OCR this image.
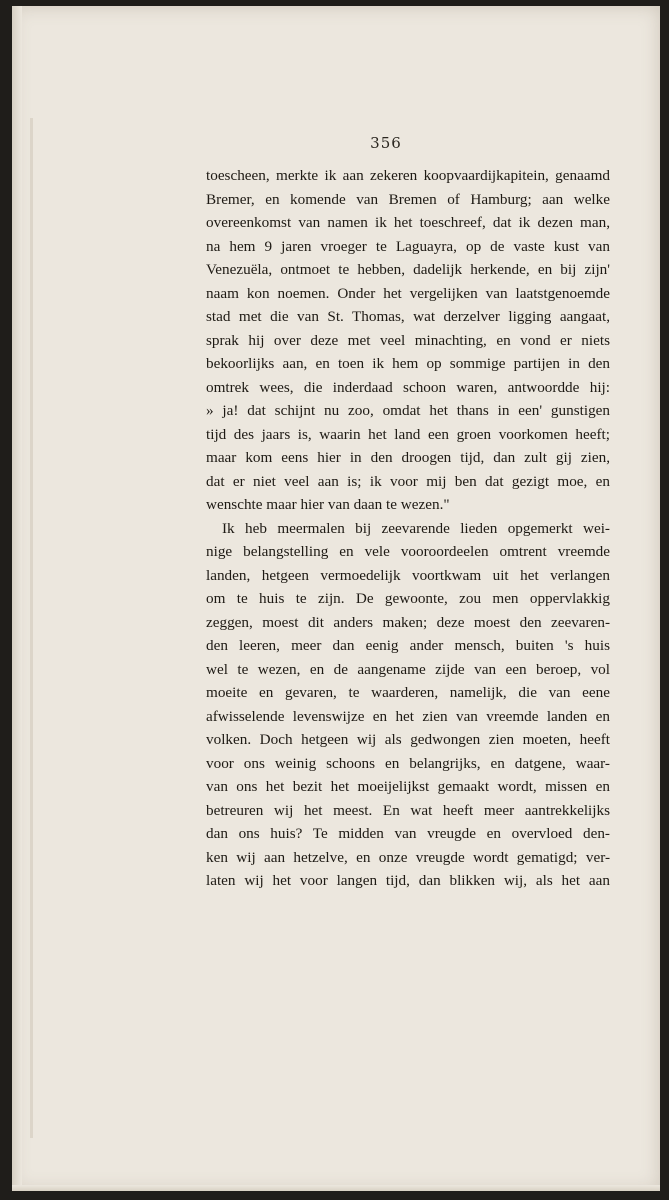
356
toescheen, merkte ik aan zekeren koopvaardijkapitein, genaamd
Bremer, en komende van Bremen of Hamburg; aan welke
overeenkomst van namen ik het toeschreef, dat ik dezen man,
na hem 9 jaren vroeger te Laguayra, op de vaste kust van
Venezuëla, ontmoet te hebben, dadelijk herkende, en bij zijn'
naam kon noemen. Onder het vergelijken van laatstgenoemde
stad met die van St. Thomas, wat derzelver ligging aangaat,
sprak hij over deze met veel minachting, en vond er niets
bekoorlijks aan, en toen ik hem op sommige partijen in den
omtrek wees, die inderdaad schoon waren, antwoordde hij:
» ja! dat schijnt nu zoo, omdat het thans in een' gunstigen
tijd des jaars is, waarin het land een groen voorkomen heeft;
maar kom eens hier in den droogen tijd, dan zult gij zien,
dat er niet veel aan is; ik voor mij ben dat gezigt moe, en
wenschte maar hier van daan te wezen."
Ik heb meermalen bij zeevarende lieden opgemerkt wei-
nige belangstelling en vele vooroordeelen omtrent vreemde
landen, hetgeen vermoedelijk voortkwam uit het verlangen
om te huis te zijn. De gewoonte, zou men oppervlakkig
zeggen, moest dit anders maken; deze moest den zeevaren-
den leeren, meer dan eenig ander mensch, buiten 's huis
wel te wezen, en de aangename zijde van een beroep, vol
moeite en gevaren, te waarderen, namelijk, die van eene
afwisselende levenswijze en het zien van vreemde landen en
volken. Doch hetgeen wij als gedwongen zien moeten, heeft
voor ons weinig schoons en belangrijks, en datgene, waar-
van ons het bezit het moeijelijkst gemaakt wordt, missen en
betreuren wij het meest. En wat heeft meer aantrekkelijks
dan ons huis? Te midden van vreugde en overvloed den-
ken wij aan hetzelve, en onze vreugde wordt gematigd; ver-
laten wij het voor langen tijd, dan blikken wij, als het aan
